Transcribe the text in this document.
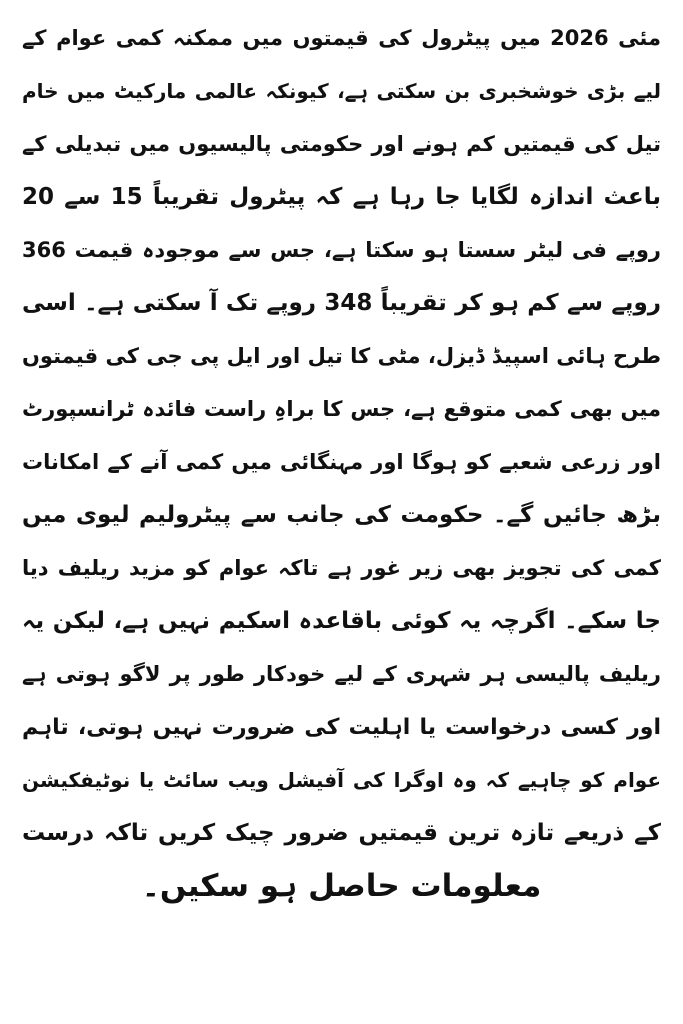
مئی 2026 میں پیٹرول کی قیمتوں میں ممکنہ کمی عوام کے
لیے بڑی خوشخبری بن سکتی ہے، کیونکہ عالمی مارکیٹ میں خام
تیل کی قیمتیں کم ہونے اور حکومتی پالیسیوں میں تبدیلی کے
باعث اندازہ لگایا جا رہا ہے کہ پیٹرول تقریباً 15 سے 20
روپے فی لیٹر سستا ہو سکتا ہے، جس سے موجودہ قیمت 366
روپے سے کم ہو کر تقریباً 348 روپے تک آ سکتی ہے۔ اسی
طرح ہائی اسپیڈ ڈیزل، مٹی کا تیل اور ایل پی جی کی قیمتوں
میں بھی کمی متوقع ہے، جس کا براہِ راست فائدہ ٹرانسپورٹ
اور زرعی شعبے کو ہوگا اور مہنگائی میں کمی آنے کے امکانات
بڑھ جائیں گے۔ حکومت کی جانب سے پیٹرولیم لیوی میں
کمی کی تجویز بھی زیر غور ہے تاکہ عوام کو مزید ریلیف دیا
جا سکے۔ اگرچہ یہ کوئی باقاعدہ اسکیم نہیں ہے، لیکن یہ
ریلیف پالیسی ہر شہری کے لیے خودکار طور پر لاگو ہوتی ہے
اور کسی درخواست یا اہلیت کی ضرورت نہیں ہوتی، تاہم
عوام کو چاہیے کہ وہ اوگرا کی آفیشل ویب سائٹ یا نوٹیفکیشن
کے ذریعے تازہ ترین قیمتیں ضرور چیک کریں تاکہ درست
معلومات حاصل ہو سکیں۔
